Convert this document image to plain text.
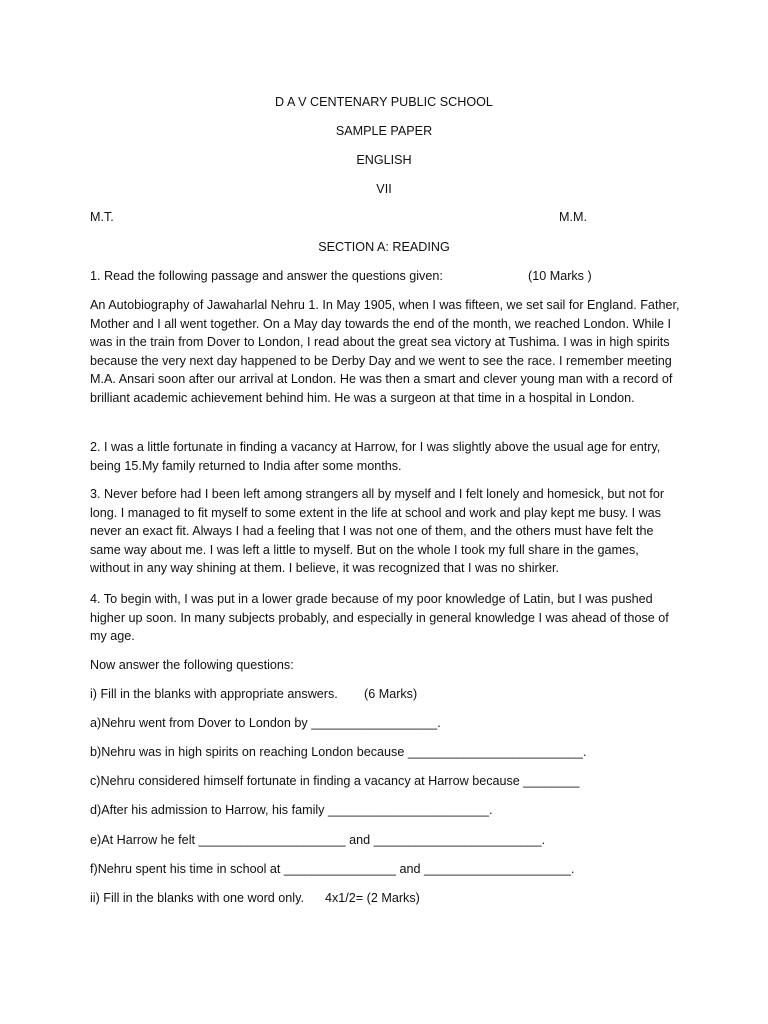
D A V CENTENARY PUBLIC SCHOOL
SAMPLE PAPER
ENGLISH
VII
M.T.	M.M.
SECTION A: READING
1. Read the following passage and answer the questions given:	(10 Marks )
An Autobiography of Jawaharlal Nehru 1. In May 1905, when I was fifteen, we set sail for England. Father, Mother and I all went together. On a May day towards the end of the month, we reached London. While I was in the train from Dover to London, I read about the great sea victory at Tushima. I was in high spirits because the very next day happened to be Derby Day and we went to see the race. I remember meeting M.A. Ansari soon after our arrival at London. He was then a smart and clever young man with a record of brilliant academic achievement behind him. He was a surgeon at that time in a hospital in London.
2. I was a little fortunate in finding a vacancy at Harrow, for I was slightly above the usual age for entry, being 15.My family returned to India after some months.
3. Never before had I been left among strangers all by myself and I felt lonely and homesick, but not for long. I managed to fit myself to some extent in the life at school and work and play kept me busy. I was never an exact fit. Always I had a feeling that I was not one of them, and the others must have felt the same way about me. I was left a little to myself. But on the whole I took my full share in the games, without in any way shining at them. I believe, it was recognized that I was no shirker.
4. To begin with, I was put in a lower grade because of my poor knowledge of Latin, but I was pushed higher up soon. In many subjects probably, and especially in general knowledge I was ahead of those of my age.
Now answer the following questions:
i) Fill in the blanks with appropriate answers. (6 Marks)
a)Nehru went from Dover to London by __________________.
b)Nehru was in high spirits on reaching London because _________________________.
c)Nehru considered himself fortunate in finding a vacancy at Harrow because ________
d)After his admission to Harrow, his family _______________________.
e)At Harrow he felt _____________________ and ________________________.
f)Nehru spent his time in school at ________________ and _____________________.
ii) Fill in the blanks with one word only. 4x1/2= (2 Marks)
